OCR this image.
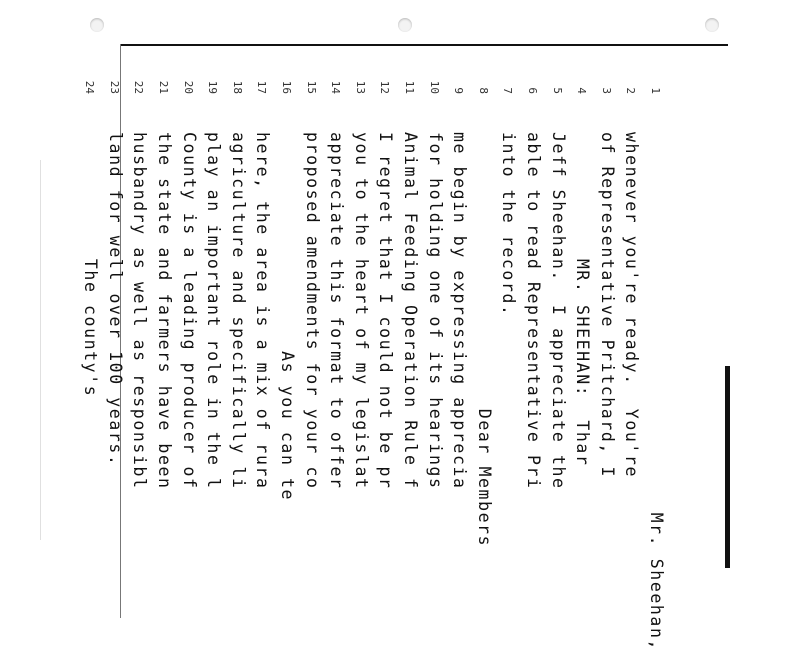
1
Mr. Sheehan,
2
whenever you're ready.  You're
3
of Representative Pritchard, I
4
MR. SHEEHAN:  Thar
5
Jeff Sheehan.  I appreciate the
6
able to read Representative Pri
7
into the record.
8
Dear Members
9
me begin by expressing apprecia
10
for holding one of its hearings
11
Animal Feeding Operation Rule f
12
I regret that I could not be pr
13
you to the heart of my legislat
14
appreciate this format to offer
15
proposed amendments for your co
16
As you can te
17
here, the area is a mix of rura
18
agriculture and specifically li
19
play an important role in the l
20
County is a leading producer of
21
the state and farmers have been
22
husbandry as well as responsibl
23
land for well over 100 years.
24
The county's
